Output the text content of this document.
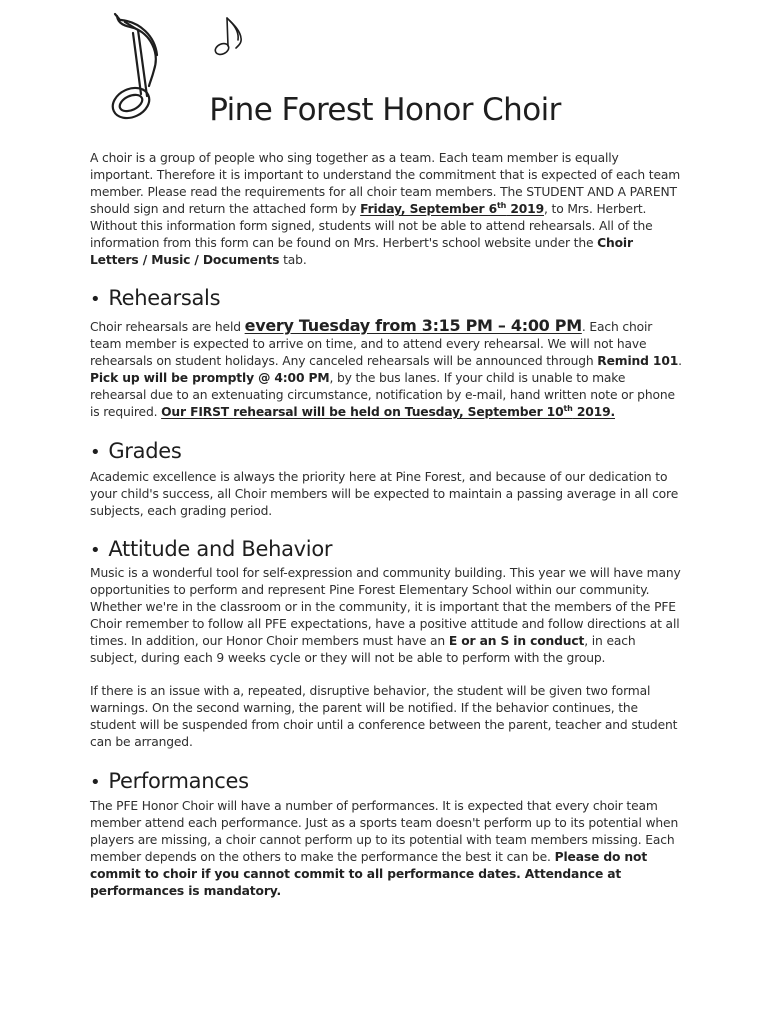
Pine Forest Honor Choir

A choir is a group of people who sing together as a team. Each team member is equally important. Therefore it is important to understand the commitment that is expected of each team member. Please read the requirements for all choir team members. The STUDENT AND A PARENT should sign and return the attached form by Friday, September 6th 2019, to Mrs. Herbert. Without this information form signed, students will not be able to attend rehearsals. All of the information from this form can be found on Mrs. Herbert's school website under the Choir Letters / Music / Documents tab.

• Rehearsals

Choir rehearsals are held every Tuesday from 3:15 PM – 4:00 PM. Each choir team member is expected to arrive on time, and to attend every rehearsal. We will not have rehearsals on student holidays. Any canceled rehearsals will be announced through Remind 101. Pick up will be promptly @ 4:00 PM, by the bus lanes. If your child is unable to make rehearsal due to an extenuating circumstance, notification by e-mail, hand written note or phone is required. Our FIRST rehearsal will be held on Tuesday, September 10th 2019.

• Grades

Academic excellence is always the priority here at Pine Forest, and because of our dedication to your child's success, all Choir members will be expected to maintain a passing average in all core subjects, each grading period.

• Attitude and Behavior

Music is a wonderful tool for self-expression and community building. This year we will have many opportunities to perform and represent Pine Forest Elementary School within our community. Whether we're in the classroom or in the community, it is important that the members of the PFE Choir remember to follow all PFE expectations, have a positive attitude and follow directions at all times. In addition, our Honor Choir members must have an E or an S in conduct, in each subject, during each 9 weeks cycle or they will not be able to perform with the group.

If there is an issue with a, repeated, disruptive behavior, the student will be given two formal warnings. On the second warning, the parent will be notified. If the behavior continues, the student will be suspended from choir until a conference between the parent, teacher and student can be arranged.

• Performances

The PFE Honor Choir will have a number of performances. It is expected that every choir team member attend each performance. Just as a sports team doesn't perform up to its potential when players are missing, a choir cannot perform up to its potential with team members missing. Each member depends on the others to make the performance the best it can be. Please do not commit to choir if you cannot commit to all performance dates. Attendance at performances is mandatory.
